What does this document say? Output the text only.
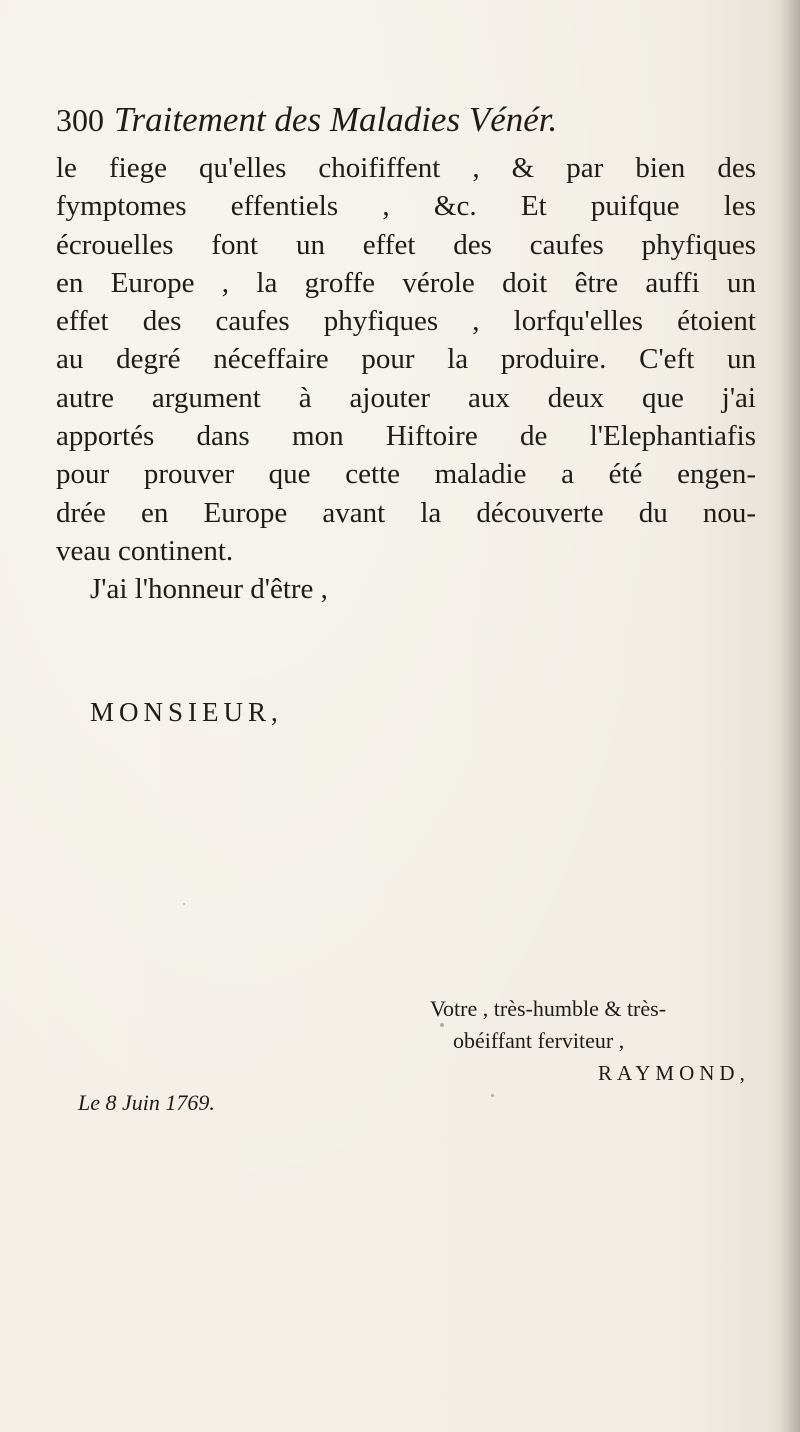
300 Traitement des Maladies Vénér.
le fiege qu'elles choififfent , & par bien des
fymptomes effentiels , &c. Et puifque les
écrouelles font un effet des caufes phyfiques
en Europe , la groffe vérole doit être auffi un
effet des caufes phyfiques , lorfqu'elles étoient
au degré néceffaire pour la produire. C'eft un
autre argument à ajouter aux deux que j'ai
apportés dans mon Hiftoire de l'Elephantiafis
pour prouver que cette maladie a été engen-
drée en Europe avant la découverte du nou-
veau continent.
J'ai l'honneur d'être ,
MONSIEUR,
Votre , très-humble & très-
obéiffant ferviteur ,
RAYMOND,
Le 8 Juin 1769.
